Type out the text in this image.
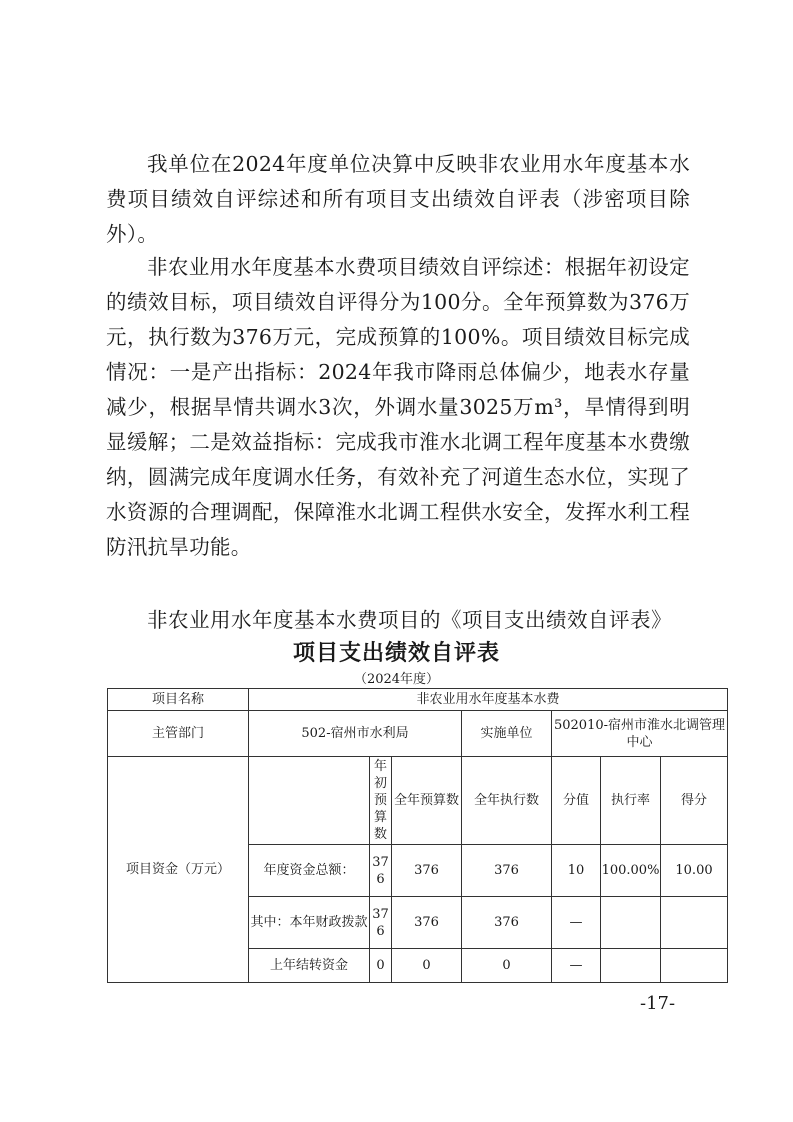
我单位在2024年度单位决算中反映非农业用水年度基本水费项目绩效自评综述和所有项目支出绩效自评表（涉密项目除外）。

非农业用水年度基本水费项目绩效自评综述：根据年初设定的绩效目标，项目绩效自评得分为100分。全年预算数为376万元，执行数为376万元，完成预算的100%。项目绩效目标完成情况：一是产出指标：2024年我市降雨总体偏少，地表水存量减少，根据旱情共调水3次，外调水量3025万m³，旱情得到明显缓解；二是效益指标：完成我市淮水北调工程年度基本水费缴纳，圆满完成年度调水任务，有效补充了河道生态水位，实现了水资源的合理调配，保障淮水北调工程供水安全，发挥水利工程防汛抗旱功能。

非农业用水年度基本水费项目的《项目支出绩效自评表》

项目支出绩效自评表
（2024年度）
项目名称	非农业用水年度基本水费						
主管部门	502-宿州市水利局			实施单位	502010-宿州市淮水北调管理中心		
项目资金（万元）		年初预算数	全年预算数	全年执行数	分值	执行率	得分
	年度资金总额：	376	376	376	10	100.00%	10.00
	其中：本年财政拨款	376	376	376	—		
	上年结转资金	0	0	0	—		
-17-
